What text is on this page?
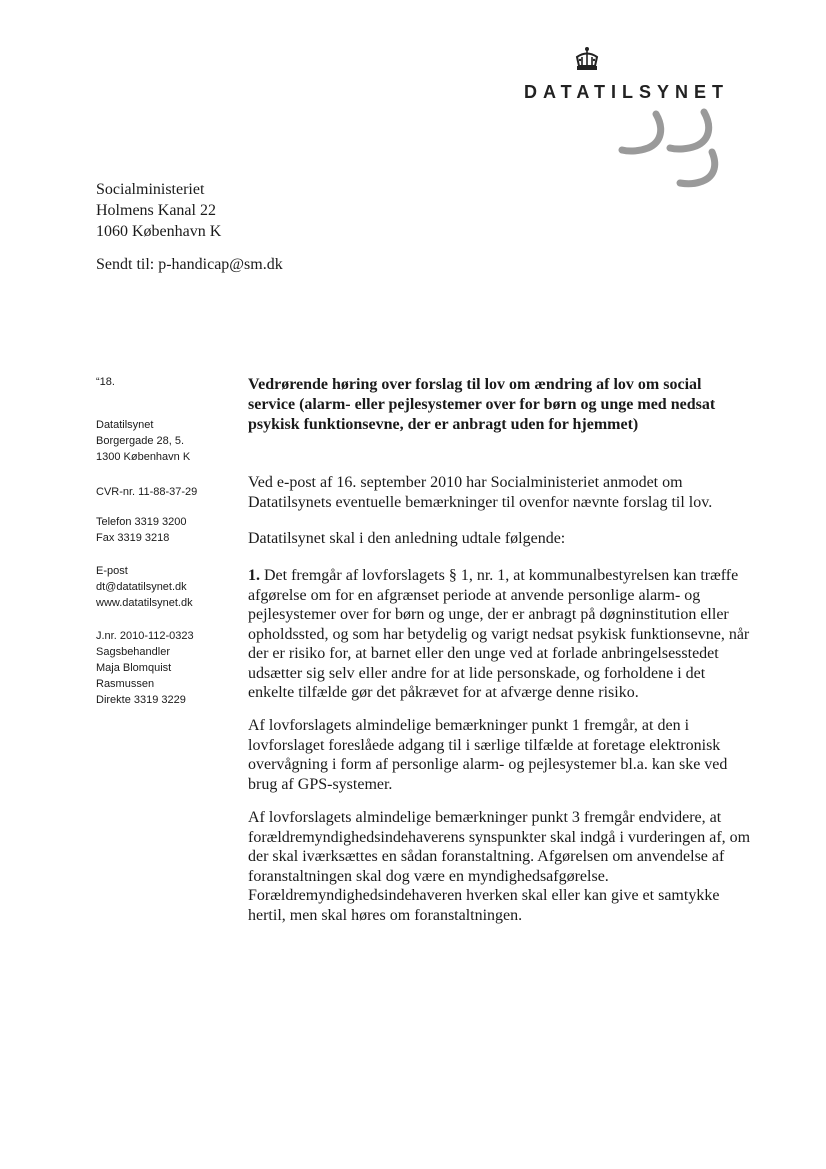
DATATILSYNET
Socialministeriet
Holmens Kanal 22
1060 København K
Sendt til: p-handicap@sm.dk
“18.
Datatilsynet
Borgergade 28, 5.
1300 København K
CVR-nr. 11-88-37-29
Telefon 3319 3200
Fax 3319 3218
E-post
dt@datatilsynet.dk
www.datatilsynet.dk
J.nr. 2010-112-0323
Sagsbehandler
Maja Blomquist
Rasmussen
Direkte 3319 3229
Vedrørende høring over forslag til lov om ændring af lov om social
service (alarm- eller pejlesystemer over for børn og unge med nedsat
psykisk funktionsevne, der er anbragt uden for hjemmet)
Ved e-post af 16. september 2010 har Socialministeriet anmodet om
Datatilsynets eventuelle bemærkninger til ovenfor nævnte forslag til lov.
Datatilsynet skal i den anledning udtale følgende:
1. Det fremgår af lovforslagets § 1, nr. 1, at kommunalbestyrelsen kan træffe
afgørelse om for en afgrænset periode at anvende personlige alarm- og
pejlesystemer over for børn og unge, der er anbragt på døgninstitution eller
opholdssted, og som har betydelig og varigt nedsat psykisk funktionsevne, når
der er risiko for, at barnet eller den unge ved at forlade anbringelsesstedet
udsætter sig selv eller andre for at lide personskade, og forholdene i det
enkelte tilfælde gør det påkrævet for at afværge denne risiko.
Af lovforslagets almindelige bemærkninger punkt 1 fremgår, at den i
lovforslaget foreslåede adgang til i særlige tilfælde at foretage elektronisk
overvågning i form af personlige alarm- og pejlesystemer bl.a. kan ske ved
brug af GPS-systemer.
Af lovforslagets almindelige bemærkninger punkt 3 fremgår endvidere, at
forældremyndighedsindehaverens synspunkter skal indgå i vurderingen af, om
der skal iværksættes en sådan foranstaltning. Afgørelsen om anvendelse af
foranstaltningen skal dog være en myndighedsafgørelse.
Forældremyndighedsindehaveren hverken skal eller kan give et samtykke
hertil, men skal høres om foranstaltningen.
